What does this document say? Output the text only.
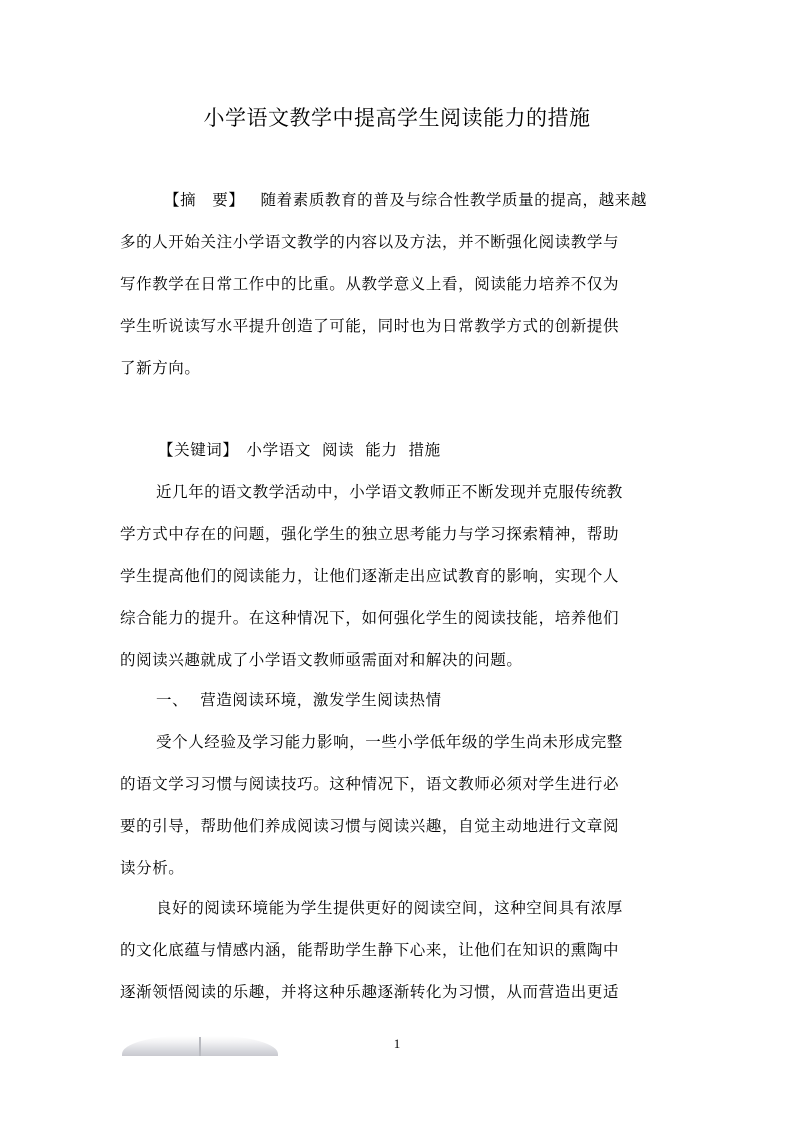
小学语文教学中提高学生阅读能力的措施
【摘　要】 随着素质教育的普及与综合性教学质量的提高，越来越
多的人开始关注小学语文教学的内容以及方法，并不断强化阅读教学与
写作教学在日常工作中的比重。从教学意义上看，阅读能力培养不仅为
学生听说读写水平提升创造了可能，同时也为日常教学方式的创新提供
了新方向。
【关键词】 小学语文  阅读  能力  措施
近几年的语文教学活动中，小学语文教师正不断发现并克服传统教
学方式中存在的问题，强化学生的独立思考能力与学习探索精神，帮助
学生提高他们的阅读能力，让他们逐渐走出应试教育的影响，实现个人
综合能力的提升。在这种情况下，如何强化学生的阅读技能，培养他们
的阅读兴趣就成了小学语文教师亟需面对和解决的问题。
一、 营造阅读环境，激发学生阅读热情
受个人经验及学习能力影响，一些小学低年级的学生尚未形成完整
的语文学习习惯与阅读技巧。这种情况下，语文教师必须对学生进行必
要的引导，帮助他们养成阅读习惯与阅读兴趣，自觉主动地进行文章阅
读分析。
良好的阅读环境能为学生提供更好的阅读空间，这种空间具有浓厚
的文化底蕴与情感内涵，能帮助学生静下心来，让他们在知识的熏陶中
逐渐领悟阅读的乐趣，并将这种乐趣逐渐转化为习惯，从而营造出更适
1
